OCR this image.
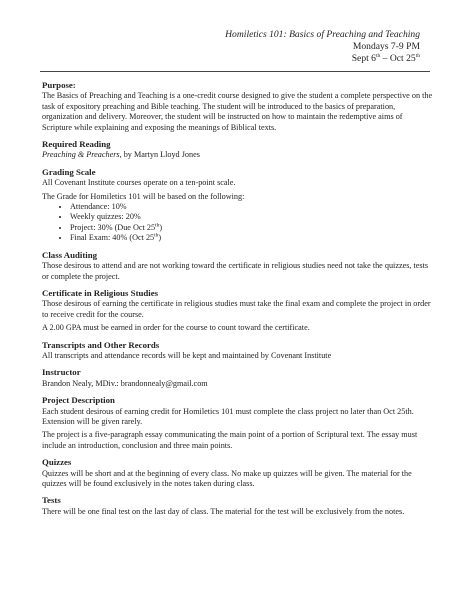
Homiletics 101: Basics of Preaching and Teaching
Mondays 7-9 PM
Sept 6th – Oct 25th
Purpose:

The Basics of Preaching and Teaching is a one-credit course designed to give the student a complete perspective on the task of expository preaching and Bible teaching. The student will be introduced to the basics of preparation, organization and delivery. Moreover, the student will be instructed on how to maintain the redemptive aims of Scripture while explaining and exposing the meanings of Biblical texts.

Required Reading

Preaching & Preachers, by Martyn Lloyd Jones

Grading Scale

All Covenant Institute courses operate on a ten-point scale.

The Grade for Homiletics 101 will be based on the following:

• Attendance: 10%
• Weekly quizzes: 20%
• Project: 30% (Due Oct 25th)
• Final Exam: 40% (Oct 25th)
Class Auditing

Those desirous to attend and are not working toward the certificate in religious studies need not take the quizzes, tests or complete the project.

Certificate in Religious Studies

Those desirous of earning the certificate in religious studies must take the final exam and complete the project in order to receive credit for the course.

A 2.00 GPA must be earned in order for the course to count toward the certificate.

Transcripts and Other Records

All transcripts and attendance records will be kept and maintained by Covenant Institute

Instructor

Brandon Nealy, MDiv.: brandonnealy@gmail.com

Project Description

Each student desirous of earning credit for Homiletics 101 must complete the class project no later than Oct 25th. Extension will be given rarely.

The project is a five-paragraph essay communicating the main point of a portion of Scriptural text. The essay must include an introduction, conclusion and three main points.

Quizzes

Quizzes will be short and at the beginning of every class. No make up quizzes will be given. The material for the quizzes will be found exclusively in the notes taken during class.

Tests

There will be one final test on the last day of class. The material for the test will be exclusively from the notes.
